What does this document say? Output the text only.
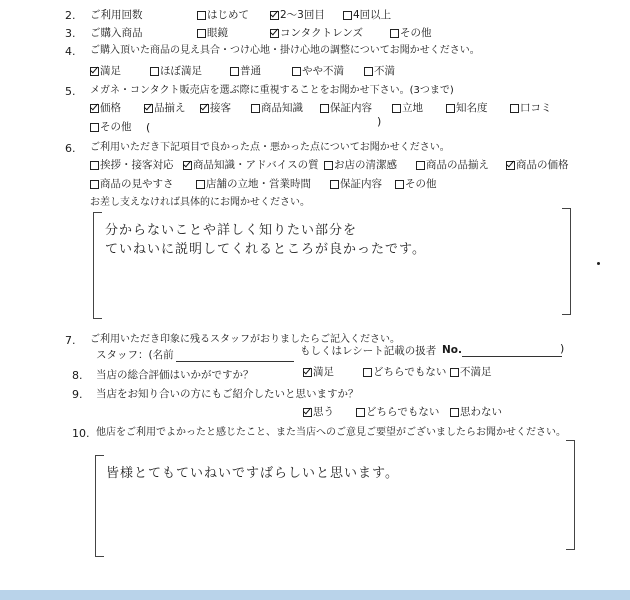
2. ご利用回数	はじめて	2～3回目	4回以上
3. ご購入商品	眼鏡	コンタクトレンズ	その他
4. ご購入頂いた商品の見え具合・つけ心地・掛け心地の調整についてお聞かせください。
満足	ほぼ満足	普通	やや不満	不満
5. メガネ・コンタクト販売店を選ぶ際に重視することをお聞かせ下さい。(3つまで)
価格	品揃え 接客	商品知識	保証内容	立地	知名度	口コミ
その他 (	)
6. ご利用いただき下記項目で良かった点・悪かった点についてお聞かせください。
挨拶・接客対応 商品知識・アドバイスの質 お店の清潔感	商品の品揃え	商品の価格
商品の見やすさ	店舗の立地・営業時間	保証内容 その他
お差し支えなければ具体的にお聞かせください。
分からないことや詳しく知りたい部分を
ていねいに説明してくれるところが良かったです。
7. ご利用いただき印象に残るスタッフがおりましたらご記入ください。
スタッフ：(名前	もしくはレシート記載の扱者 No.	)
8. 当店の総合評価はいかがですか？	満足	どちらでもない 不満足
9. 当店をお知り合いの方にもご紹介したいと思いますか？
思う	どちらでもない 思わない
10. 他店をご利用でよかったと感じたこと、また当店へのご意見ご要望がございましたらお聞かせください。
皆様とてもていねいですばらしいと思います。
